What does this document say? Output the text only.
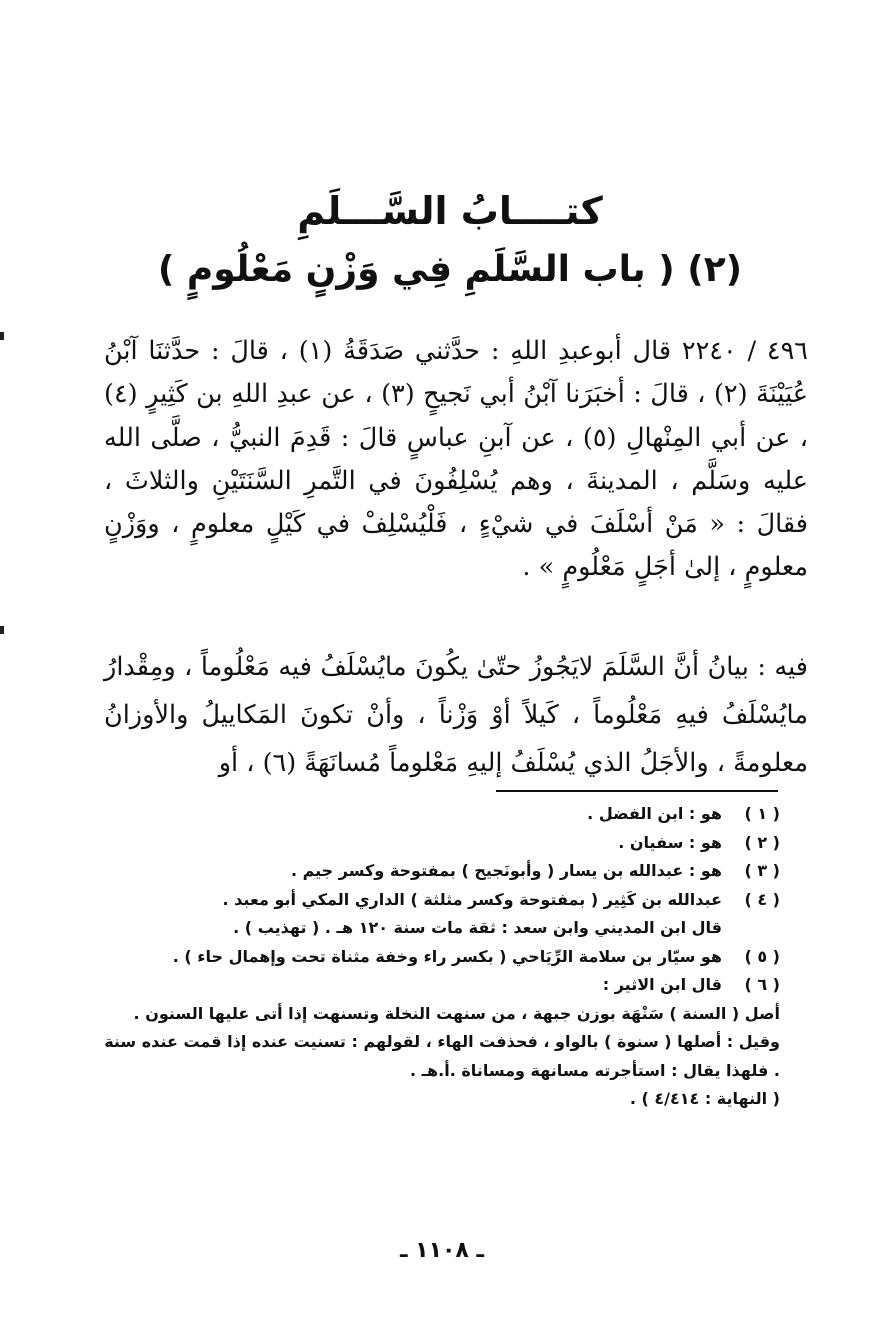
كتــــابُ السَّـــلَمِ
(٢) ( باب السَّلَمِ فِي وَزْنٍ مَعْلُومٍ )
٤٩٦ / ٢٢٤٠ قال أبوعبدِ اللهِ : حدَّثني صَدَقَةُ (١) ، قالَ : حدَّثنَا آبْنُ عُيَيْنَةَ (٢) ، قالَ : أخبَرَنا آبْنُ أبي نَجيحٍ (٣) ، عن عبدِ اللهِ بن كَثِيرٍ (٤) ، عن أبي المِنْهالِ (٥) ، عن آبنِ عباسٍ قالَ : قَدِمَ النبيُّ ، صلَّى الله عليه وسَلَّم ، المدينةَ ، وهم يُسْلِفُونَ في التَّمرِ السَّنَتَيْنِ والثلاثَ ، فقالَ : « مَنْ أسْلَفَ في شيْءٍ ، فَلْيُسْلِفْ في كَيْلٍ معلومٍ ، ووَزْنٍ معلومٍ ، إلىٰ أجَلٍ مَعْلُومٍ » .
فيه : بيانُ أنَّ السَّلَمَ لايَجُوزُ حتّىٰ يكُونَ مايُسْلَفُ فيه مَعْلُوماً ، ومِقْدارُ مايُسْلَفُ فيهِ مَعْلُوماً ، كَيلاً أوْ وَزْناً ، وأنْ تكونَ المَكاييلُ والأوزانُ معلومةً ، والأجَلُ الذي يُسْلَفُ إليهِ مَعْلوماً مُسانَهَةً (٦) ، أو
( ١ )
هو : ابن الفضل .
( ٢ )
هو : سفيان .
( ٣ )
هو : عبدالله بن يسار ( وأبونَجيح ) بمفتوحة وكسر جيم .
( ٤ )
عبدالله بن كَثِير ( بمفتوحة وكسر مثلثة ) الداري المكي أبو معبد .
قال ابن المديني وابن سعد : ثقة مات سنة ١٢٠ هـ . ( تهذيب ) .
( ٥ )
هو سيّار بن سلامة الرِّيَاحي ( بكسر راء وخفة مثناة تحت وإهمال حاء ) .
( ٦ )
قال ابن الاثير :
أصل ( السنة ) سَنْهَة بوزن جبهة ، من سنهت النخلة وتسنهت إذا أتى عليها السنون .
وقيل : أصلها ( سنوة ) بالواو ، فحذفت الهاء ، لقولهم : تسنيت عنده إذا قمت عنده سنة . فلهذا يقال : استأجرته مسانهة ومساناة .أ.هـ .
( النهاية : ٤/٤١٤ ) .
ـ ١١٠٨ ـ
